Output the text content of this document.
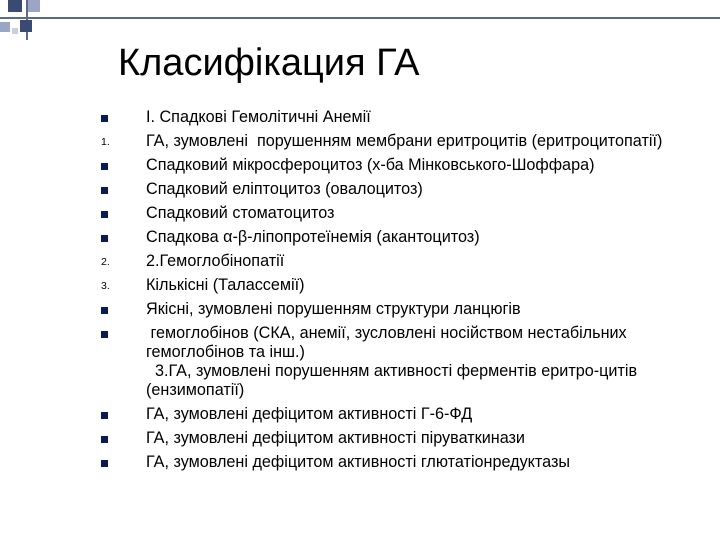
Класифікация ГА
I. Спадкові Гемолітичні Анемії
1.	ГА, зумовлені  порушенням мембрани еритроцитів (еритроцитопатії)
Спадковий мікросфероцитоз (х-ба Мінковського-Шоффара)
Спадковий еліптоцитоз (овалоцитоз)
Спадковий стоматоцитоз
Спадкова α-β-ліпопротеїнемія (акантоцитоз)
2.	2.Гемоглобінопатії
3.	Кількісні (Талассемії)
Якісні, зумовлені порушенням структури ланцюгів
гемоглобінов (СКА, анемії, зусловлені носійством нестабільних гемоглобінов та інш.)
3.ГА, зумовлені порушенням активності ферментів еритро-цитів (ензимопатії)
ГА, зумовлені дефіцитом активності Г-6-ФД
ГА, зумовлені дефіцитом активності піруваткинази
ГА, зумовлені дефіцитом активності глютатіонредуктазы
